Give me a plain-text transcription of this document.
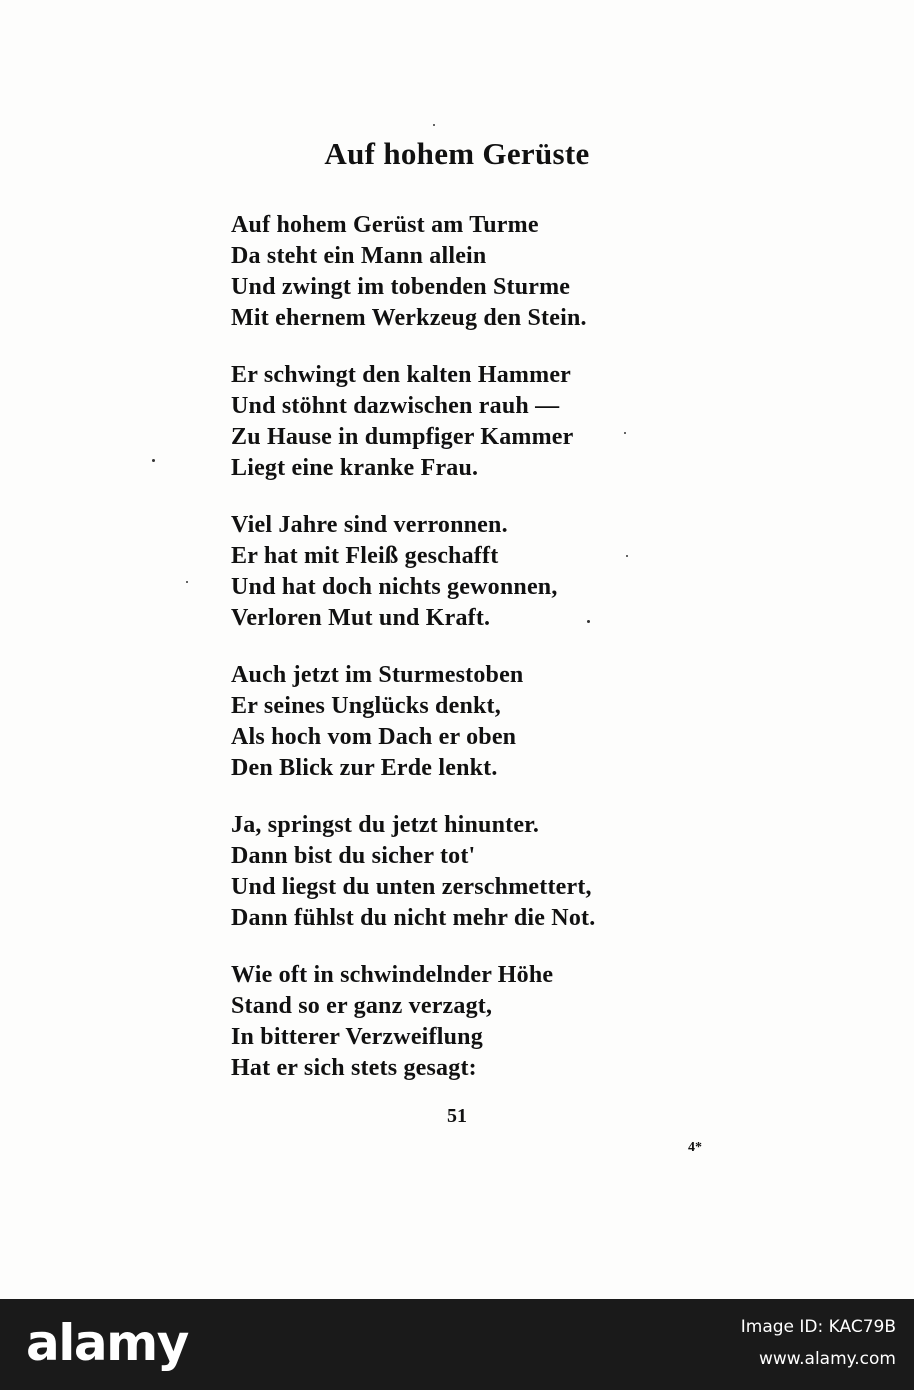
Auf hohem Gerüste
Auf hohem Gerüst am Turme
Da steht ein Mann allein
Und zwingt im tobenden Sturme
Mit ehernem Werkzeug den Stein.
Er schwingt den kalten Hammer
Und stöhnt dazwischen rauh —
Zu Hause in dumpfiger Kammer
Liegt eine kranke Frau.
Viel Jahre sind verronnen.
Er hat mit Fleiß geschafft
Und hat doch nichts gewonnen,
Verloren Mut und Kraft.
Auch jetzt im Sturmestoben
Er seines Unglücks denkt,
Als hoch vom Dach er oben
Den Blick zur Erde lenkt.
Ja, springst du jetzt hinunter.
Dann bist du sicher tot'
Und liegst du unten zerschmettert,
Dann fühlst du nicht mehr die Not.
Wie oft in schwindelnder Höhe
Stand so er ganz verzagt,
In bitterer Verzweiflung
Hat er sich stets gesagt:
51
4*
alamy	Image ID: KAC79B
www.alamy.com
